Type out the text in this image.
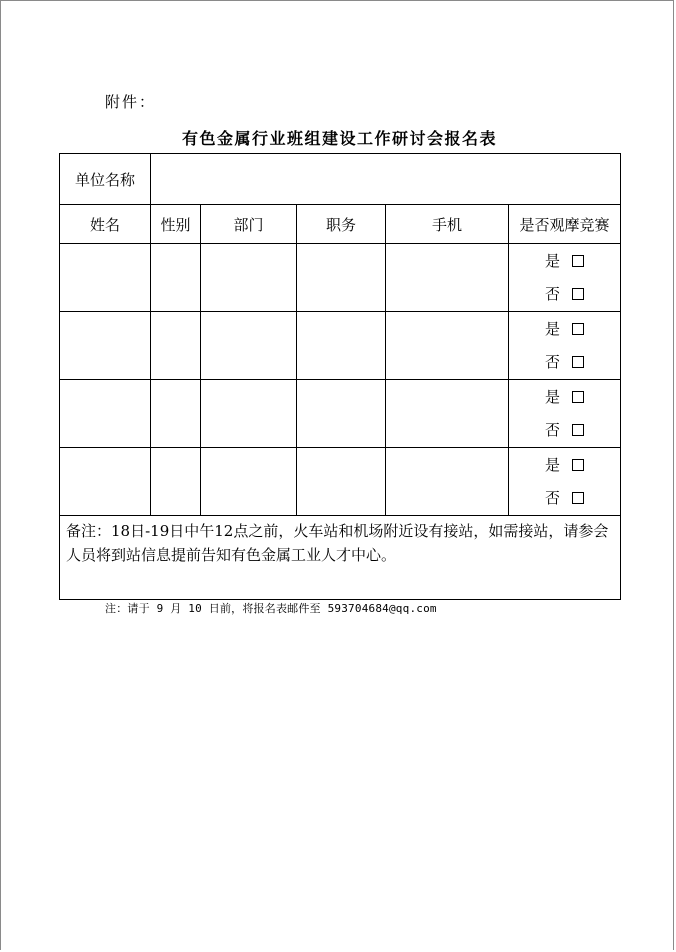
附件：
有色金属行业班组建设工作研讨会报名表
单位名称					
姓名	性别	部门	职务	手机	是否观摩竞赛

					是
否

					是
否

					是
否

					是
否

备注：18日-19日中午12点之前，火车站和机场附近设有接站，如需接站，请参会人员将到站信息提前告知有色金属工业人才中心。					
注：请于 9 月 10 日前，将报名表邮件至 593704684@qq.com
